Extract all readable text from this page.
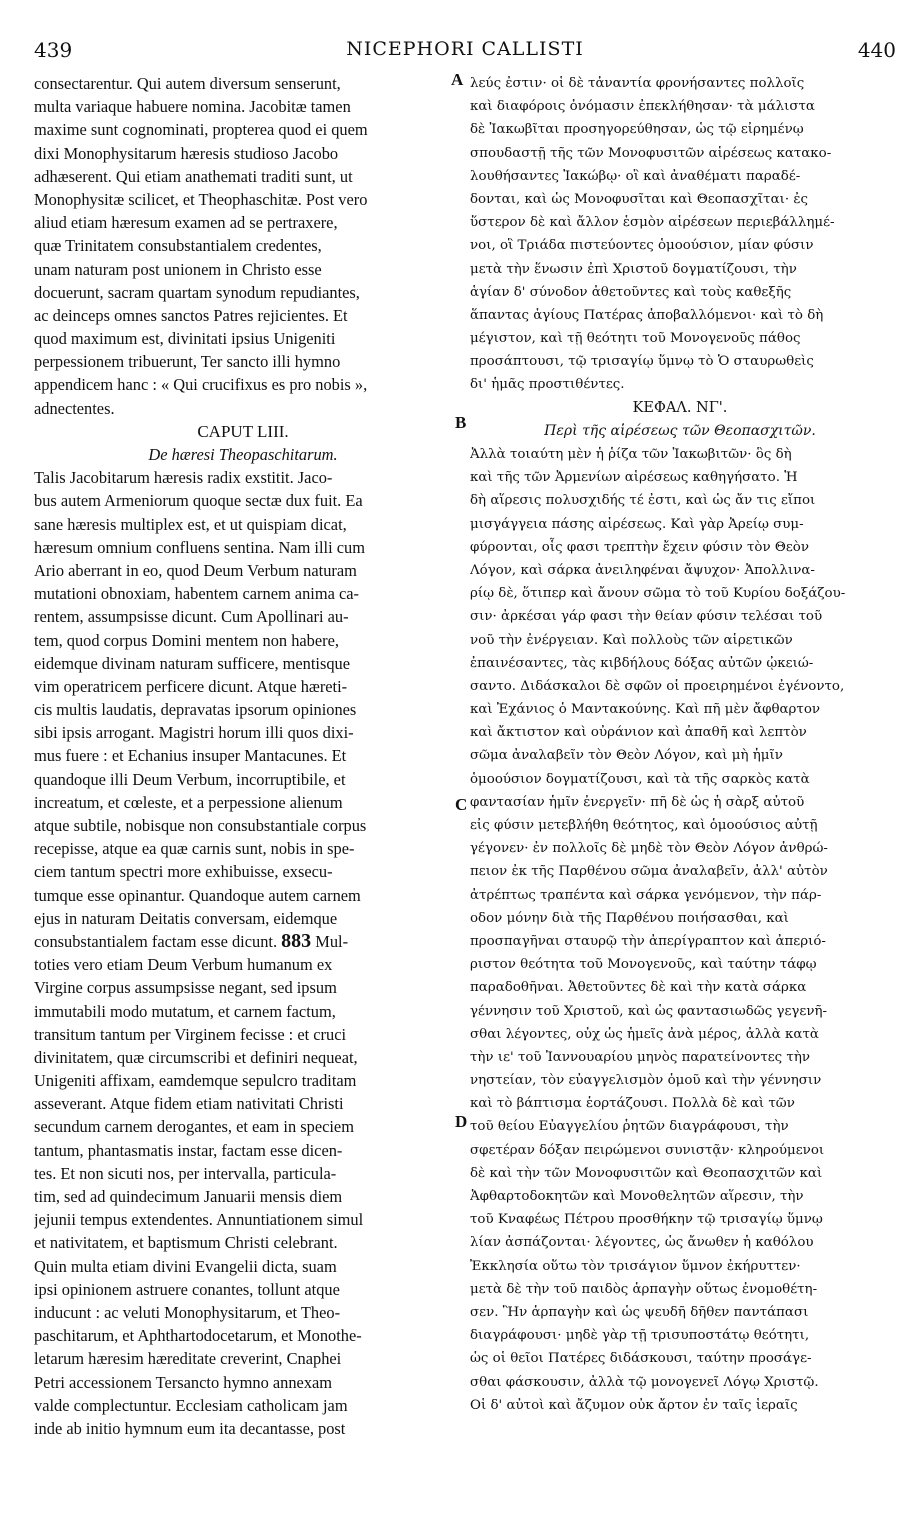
NICEPHORI CALLISTI
439	440
A
B
C
D
consectarentur. Qui autem diversum senserunt,
multa variaque habuere nomina. Jacobitæ tamen
maxime sunt cognominati, propterea quod ei quem
dixi Monophysitarum hæresis studioso Jacobo
adhæserent. Qui etiam anathemati traditi sunt, ut
Monophysitæ scilicet, et Theophaschitæ. Post vero
aliud etiam hæresum examen ad se pertraxere,
quæ Trinitatem consubstantialem credentes,
unam naturam post unionem in Christo esse
docuerunt, sacram quartam synodum repudiantes,
ac deinceps omnes sanctos Patres rejicientes. Et
quod maximum est, divinitati ipsius Unigeniti
perpessionem tribuerunt, Ter sancto illi hymno
appendicem hanc : « Qui crucifixus es pro nobis »,
adnectentes.
CAPUT LIII.
De hæresi Theopaschitarum.
Talis Jacobitarum hæresis radix exstitit. Jaco-
bus autem Armeniorum quoque sectæ dux fuit. Ea
sane hæresis multiplex est, et ut quispiam dicat,
hæresum omnium confluens sentina. Nam illi cum
Ario aberrant in eo, quod Deum Verbum naturam
mutationi obnoxiam, habentem carnem anima ca-
rentem, assumpsisse dicunt. Cum Apollinari au-
tem, quod corpus Domini mentem non habere,
eidemque divinam naturam sufficere, mentisque
vim operatricem perficere dicunt. Atque hæreti-
cis multis laudatis, depravatas ipsorum opiniones
sibi ipsis arrogant. Magistri horum illi quos dixi-
mus fuere : et Echanius insuper Mantacunes. Et
quandoque illi Deum Verbum, incorruptibile, et
increatum, et cœleste, et a perpessione alienum
atque subtile, nobisque non consubstantiale corpus
recepisse, atque ea quæ carnis sunt, nobis in spe-
ciem tantum spectri more exhibuisse, exsecu-
tumque esse opinantur. Quandoque autem carnem
ejus in naturam Deitatis conversam, eidemque
consubstantialem factam esse dicunt. 883 Mul-
toties vero etiam Deum Verbum humanum ex
Virgine corpus assumpsisse negant, sed ipsum
immutabili modo mutatum, et carnem factum,
transitum tantum per Virginem fecisse : et cruci
divinitatem, quæ circumscribi et definiri nequeat,
Unigeniti affixam, eamdemque sepulcro traditam
asseverant. Atque fidem etiam nativitati Christi
secundum carnem derogantes, et eam in speciem
tantum, phantasmatis instar, factam esse dicen-
tes. Et non sicuti nos, per intervalla, particula-
tim, sed ad quindecimum Januarii mensis diem
jejunii tempus extendentes. Annuntiationem simul
et nativitatem, et baptismum Christi celebrant.
Quin multa etiam divini Evangelii dicta, suam
ipsi opinionem astruere conantes, tollunt atque
inducunt : ac veluti Monophysitarum, et Theo-
paschitarum, et Aphthartodocetarum, et Monothe-
letarum hæresim hæreditate creverint, Cnaphei
Petri accessionem Tersancto hymno annexam
valde complectuntur. Ecclesiam catholicam jam
inde ab initio hymnum eum ita decantasse, post
λεύς ἐστιν· οἱ δὲ τἀναντία φρονήσαντες πολλοῖς
καὶ διαφόροις ὀνόμασιν ἐπεκλήθησαν· τὰ μάλιστα
δὲ Ἰακωβῖται προσηγορεύθησαν, ὡς τῷ εἰρημένῳ
σπουδαστῇ τῆς τῶν Μονοφυσιτῶν αἱρέσεως κατακο-
λουθήσαντες Ἰακώβῳ· οἳ καὶ ἀναθέματι παραδέ-
δονται, καὶ ὡς Μονοφυσῖται καὶ Θεοπασχῖται· ἐς
ὕστερον δὲ καὶ ἄλλον ἑσμὸν αἱρέσεων περιεβάλλημέ-
νοι, οἳ Τριάδα πιστεύοντες ὁμοούσιον, μίαν φύσιν
μετὰ τὴν ἕνωσιν ἐπὶ Χριστοῦ δογματίζουσι, τὴν
ἁγίαν δ' σύνοδον ἀθετοῦντες καὶ τοὺς καθεξῆς
ἅπαντας ἁγίους Πατέρας ἀποβαλλόμενοι· καὶ τὸ δὴ
μέγιστον, καὶ τῇ θεότητι τοῦ Μονογενοῦς πάθος
προσάπτουσι, τῷ τρισαγίῳ ὕμνῳ τὸ Ὁ σταυρωθεὶς
δι' ἡμᾶς προστιθέντες.
ΚΕΦΑΛ. ΝΓ'.
Περὶ τῆς αἱρέσεως τῶν Θεοπασχιτῶν.
Ἀλλὰ τοιαύτη μὲν ἡ ῥίζα τῶν Ἰακωβιτῶν· ὃς δὴ
καὶ τῆς τῶν Ἀρμενίων αἱρέσεως καθηγήσατο. Ἡ
δὴ αἵρεσις πολυσχιδής τέ ἐστι, καὶ ὡς ἄν τις εἴποι
μισγάγγεια πάσης αἱρέσεως. Καὶ γὰρ Ἀρείῳ συμ-
φύρονται, οἷς φασι τρεπτὴν ἔχειν φύσιν τὸν Θεὸν
Λόγον, καὶ σάρκα ἀνειληφέναι ἄψυχον· Ἀπολλινα-
ρίῳ δὲ, ὅτιπερ καὶ ἄνουν σῶμα τὸ τοῦ Κυρίου δοξάζου-
σιν· ἀρκέσαι γάρ φασι τὴν θείαν φύσιν τελέσαι τοῦ
νοῦ τὴν ἐνέργειαν. Καὶ πολλοὺς τῶν αἱρετικῶν
ἐπαινέσαντες, τὰς κιβδήλους δόξας αὐτῶν ᾠκειώ-
σαντο. Διδάσκαλοι δὲ σφῶν οἱ προειρημένοι ἐγένοντο,
καὶ Ἐχάνιος ὁ Μαντακούνης. Καὶ πῆ μὲν ἄφθαρτον
καὶ ἄκτιστον καὶ οὐράνιον καὶ ἀπαθῆ καὶ λεπτὸν
σῶμα ἀναλαβεῖν τὸν Θεὸν Λόγον, καὶ μὴ ἡμῖν
ὁμοούσιον δογματίζουσι, καὶ τὰ τῆς σαρκὸς κατὰ
φαντασίαν ἡμῖν ἐνεργεῖν· πῆ δὲ ὡς ἡ σὰρξ αὐτοῦ
εἰς φύσιν μετεβλήθη θεότητος, καὶ ὁμοούσιος αὐτῇ
γέγονεν· ἐν πολλοῖς δὲ μηδὲ τὸν Θεὸν Λόγον ἀνθρώ-
πειον ἐκ τῆς Παρθένου σῶμα ἀναλαβεῖν, ἀλλ' αὐτὸν
ἀτρέπτως τραπέντα καὶ σάρκα γενόμενον, τὴν πάρ-
οδον μόνην διὰ τῆς Παρθένου ποιήσασθαι, καὶ
προσπαγῆναι σταυρῷ τὴν ἀπερίγραπτον καὶ ἀπεριό-
ριστον θεότητα τοῦ Μονογενοῦς, καὶ ταύτην τάφῳ
παραδοθῆναι. Ἀθετοῦντες δὲ καὶ τὴν κατὰ σάρκα
γέννησιν τοῦ Χριστοῦ, καὶ ὡς φαντασιωδῶς γεγενῆ-
σθαι λέγοντες, οὐχ ὡς ἡμεῖς ἀνὰ μέρος, ἀλλὰ κατὰ
τὴν ιε' τοῦ Ἰαννουαρίου μηνὸς παρατείνοντες τὴν
νηστείαν, τὸν εὐαγγελισμὸν ὁμοῦ καὶ τὴν γέννησιν
καὶ τὸ βάπτισμα ἑορτάζουσι. Πολλὰ δὲ καὶ τῶν
τοῦ θείου Εὐαγγελίου ῥητῶν διαγράφουσι, τὴν
σφετέραν δόξαν πειρώμενοι συνιστᾷν· κληρούμενοι
δὲ καὶ τὴν τῶν Μονοφυσιτῶν καὶ Θεοπασχιτῶν καὶ
Ἀφθαρτοδοκητῶν καὶ Μονοθελητῶν αἵρεσιν, τὴν
τοῦ Κναφέως Πέτρου προσθήκην τῷ τρισαγίῳ ὕμνῳ
λίαν ἀσπάζονται· λέγοντες, ὡς ἄνωθεν ἡ καθόλου
Ἐκκλησία οὕτω τὸν τρισάγιον ὕμνον ἐκήρυττεν·
μετὰ δὲ τὴν τοῦ παιδὸς ἁρπαγὴν οὕτως ἐνομοθέτη-
σεν. Ἣν ἁρπαγὴν καὶ ὡς ψευδῆ δῆθεν παντάπασι
διαγράφουσι· μηδὲ γὰρ τῇ τρισυποστάτῳ θεότητι,
ὡς οἱ θεῖοι Πατέρες διδάσκουσι, ταύτην προσάγε-
σθαι φάσκουσιν, ἀλλὰ τῷ μονογενεῖ Λόγῳ Χριστῷ.
Οἱ δ' αὐτοὶ καὶ ἄζυμον οὐκ ἄρτον ἐν ταῖς ἱεραῖς
